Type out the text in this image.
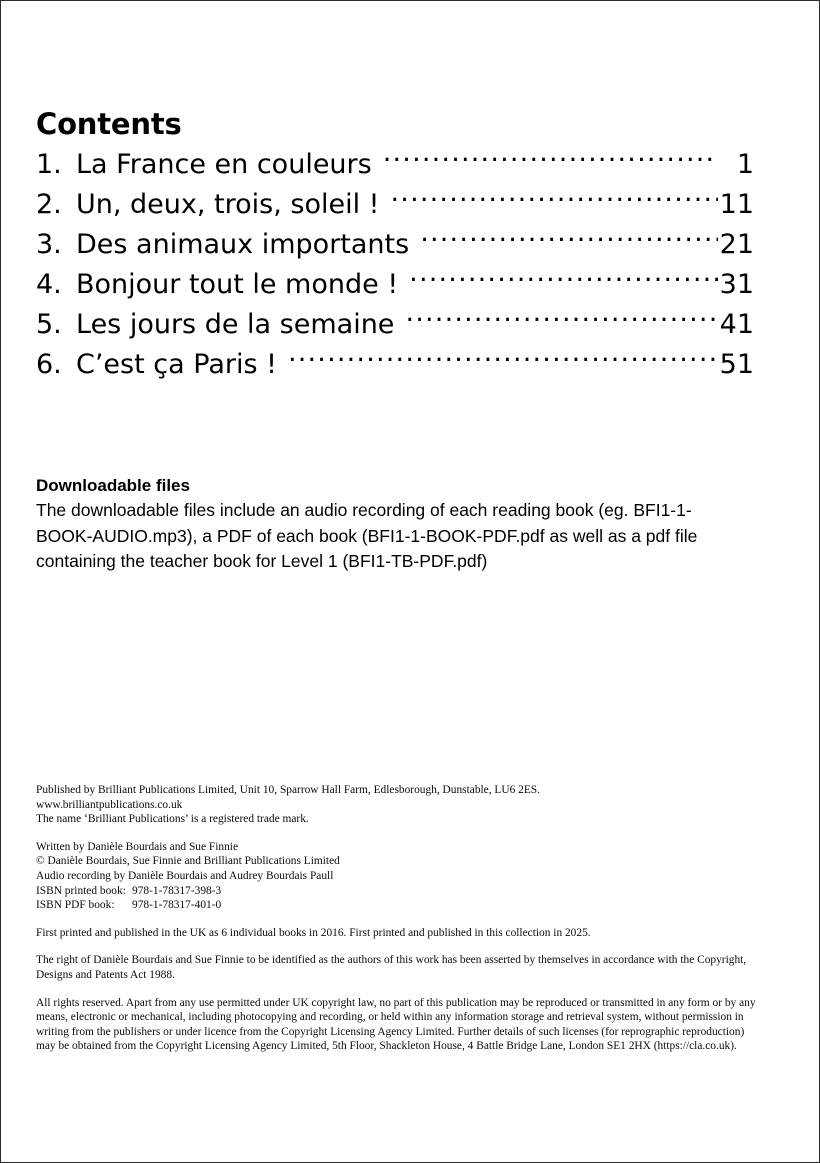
Contents
1. La France en couleurs .....	1
2. Un, deux, trois, soleil ! .....	11
3. Des animaux importants .....	21
4. Bonjour tout le monde ! .....	31
5. Les jours de la semaine .....	41
6. C’est ça Paris ! .....	51
Downloadable files

The downloadable files include an audio recording of each reading book (eg. BFI1-1-BOOK-AUDIO.mp3), a PDF of each book (BFI1-1-BOOK-PDF.pdf as well as a pdf file containing the teacher book for Level 1 (BFI1-TB-PDF.pdf)

Published by Brilliant Publications Limited, Unit 10, Sparrow Hall Farm, Edlesborough, Dunstable, LU6 2ES.

www.brilliantpublications.co.uk

The name ‘Brilliant Publications’ is a registered trade mark.

Written by Danièle Bourdais and Sue Finnie

© Danièle Bourdais, Sue Finnie and Brilliant Publications Limited

Audio recording by Danièle Bourdais and Audrey Bourdais Paull

ISBN printed book: 978-1-78317-398-3
ISBN PDF book:	978-1-78317-401-0

First printed and published in the UK as 6 individual books in 2016. First printed and published in this collection in 2025.

The right of Danièle Bourdais and Sue Finnie to be identified as the authors of this work has been asserted by themselves in accordance with the Copyright, Designs and Patents Act 1988.

All rights reserved. Apart from any use permitted under UK copyright law, no part of this publication may be reproduced or transmitted in any form or by any means, electronic or mechanical, including photocopying and recording, or held within any information storage and retrieval system, without permission in writing from the publishers or under licence from the Copyright Licensing Agency Limited. Further details of such licenses (for reprographic reproduction) may be obtained from the Copyright Licensing Agency Limited, 5th Floor, Shackleton House, 4 Battle Bridge Lane, London SE1 2HX (https://cla.co.uk).
